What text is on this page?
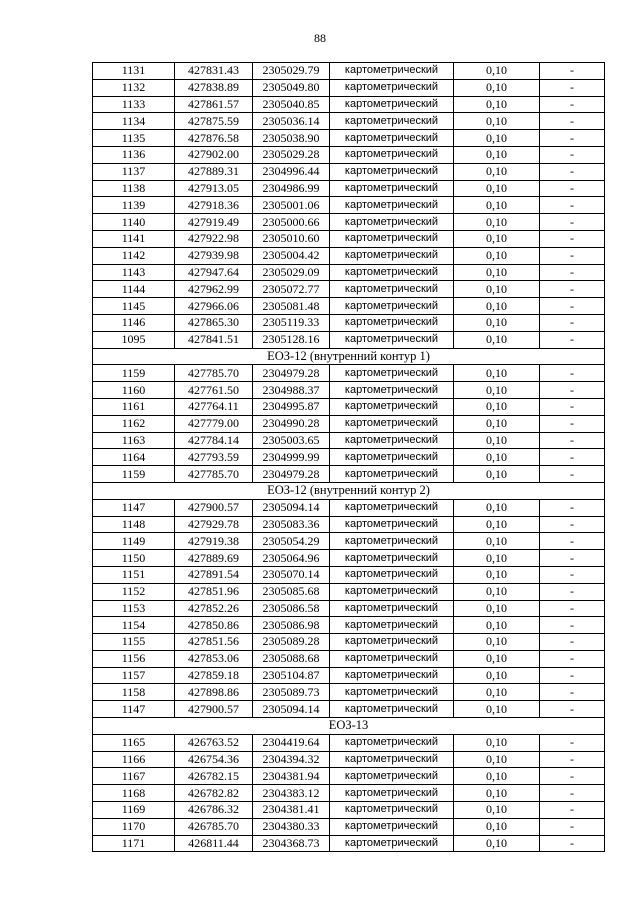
88
1131	427831.43	2305029.79	картометрический	0,10	-
1132	427838.89	2305049.80	картометрический	0,10	-
1133	427861.57	2305040.85	картометрический	0,10	-
1134	427875.59	2305036.14	картометрический	0,10	-
1135	427876.58	2305038.90	картометрический	0,10	-
1136	427902.00	2305029.28	картометрический	0,10	-
1137	427889.31	2304996.44	картометрический	0,10	-
1138	427913.05	2304986.99	картометрический	0,10	-
1139	427918.36	2305001.06	картометрический	0,10	-
1140	427919.49	2305000.66	картометрический	0,10	-
1141	427922.98	2305010.60	картометрический	0,10	-
1142	427939.98	2305004.42	картометрический	0,10	-
1143	427947.64	2305029.09	картометрический	0,10	-
1144	427962.99	2305072.77	картометрический	0,10	-
1145	427966.06	2305081.48	картометрический	0,10	-
1146	427865.30	2305119.33	картометрический	0,10	-
1095	427841.51	2305128.16	картометрический	0,10	-
ЕОЗ-12 (внутренний контур 1)					
1159	427785.70	2304979.28	картометрический	0,10	-
1160	427761.50	2304988.37	картометрический	0,10	-
1161	427764.11	2304995.87	картометрический	0,10	-
1162	427779.00	2304990.28	картометрический	0,10	-
1163	427784.14	2305003.65	картометрический	0,10	-
1164	427793.59	2304999.99	картометрический	0,10	-
1159	427785.70	2304979.28	картометрический	0,10	-
ЕОЗ-12 (внутренний контур 2)					
1147	427900.57	2305094.14	картометрический	0,10	-
1148	427929.78	2305083.36	картометрический	0,10	-
1149	427919.38	2305054.29	картометрический	0,10	-
1150	427889.69	2305064.96	картометрический	0,10	-
1151	427891.54	2305070.14	картометрический	0,10	-
1152	427851.96	2305085.68	картометрический	0,10	-
1153	427852.26	2305086.58	картометрический	0,10	-
1154	427850.86	2305086.98	картометрический	0,10	-
1155	427851.56	2305089.28	картометрический	0,10	-
1156	427853.06	2305088.68	картометрический	0,10	-
1157	427859.18	2305104.87	картометрический	0,10	-
1158	427898.86	2305089.73	картометрический	0,10	-
1147	427900.57	2305094.14	картометрический	0,10	-
ЕОЗ-13					
1165	426763.52	2304419.64	картометрический	0,10	-
1166	426754.36	2304394.32	картометрический	0,10	-
1167	426782.15	2304381.94	картометрический	0,10	-
1168	426782.82	2304383.12	картометрический	0,10	-
1169	426786.32	2304381.41	картометрический	0,10	-
1170	426785.70	2304380.33	картометрический	0,10	-
1171	426811.44	2304368.73	картометрический	0,10	-
